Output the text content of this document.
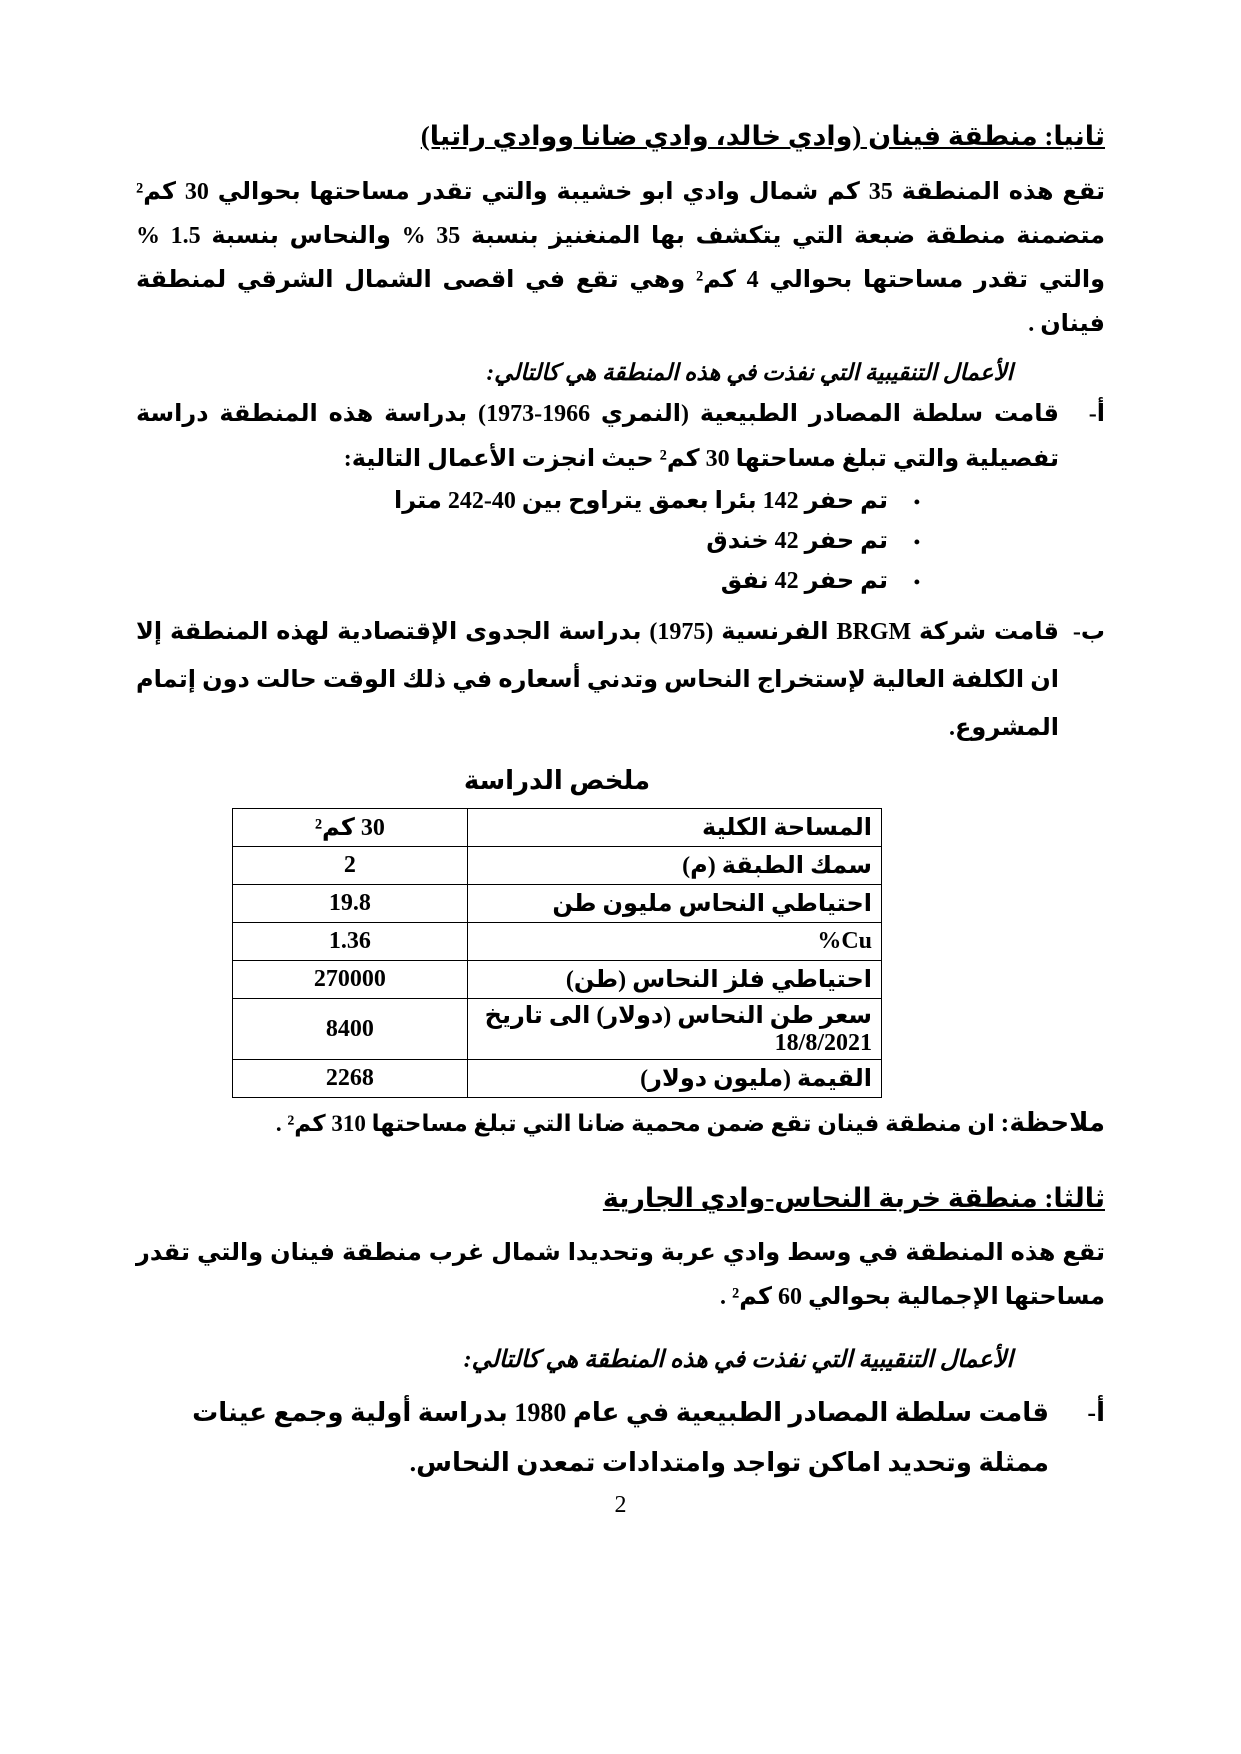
ثانيا: منطقة فينان (وادي خالد، وادي ضانا ووادي راتيا)

تقع هذه المنطقة 35 كم شمال وادي ابو خشيبة والتي تقدر مساحتها بحوالي 30 كم² متضمنة منطقة ضبعة التي يتكشف بها المنغنيز بنسبة 35 % والنحاس بنسبة 1.5 % والتي تقدر مساحتها بحوالي 4 كم² وهي تقع في اقصى الشمال الشرقي لمنطقة فينان .

الأعمال التنقيبية التي نفذت في هذه المنطقة هي كالتالي:

أ-
قامت سلطة المصادر الطبيعية (النمري 1966-1973) بدراسة هذه المنطقة دراسة تفصيلية والتي تبلغ مساحتها 30 كم² حيث انجزت الأعمال التالية:
•
تم حفر 142 بئرا بعمق يتراوح بين 40-242 مترا
•
تم حفر 42 خندق
•
تم حفر 42 نفق
ب-
قامت شركة BRGM الفرنسية (1975) بدراسة الجدوى الإقتصادية لهذه المنطقة إلا ان الكلفة العالية لإستخراج النحاس وتدني أسعاره في ذلك الوقت حالت دون إتمام المشروع.
ملخص الدراسة
المساحة الكلية	30 كم²
سمك الطبقة (م)	2
احتياطي النحاس مليون طن	19.8
Cu%	1.36
احتياطي فلز النحاس (طن)	270000
سعر طن النحاس (دولار) الى تاريخ 18/8/2021	8400
القيمة (مليون دولار)	2268

ملاحظة: ان منطقة فينان تقع ضمن محمية ضانا التي تبلغ مساحتها 310 كم² .

ثالثا: منطقة خربة النحاس-وادي الجارية

تقع هذه المنطقة في وسط وادي عربة وتحديدا شمال غرب منطقة فينان والتي تقدر مساحتها الإجمالية بحوالي 60 كم² .

الأعمال التنقيبية التي نفذت في هذه المنطقة هي كالتالي:

أ-
قامت سلطة المصادر الطبيعية في عام 1980 بدراسة أولية وجمع عينات ممثلة وتحديد اماكن تواجد وامتدادات تمعدن النحاس.
2
